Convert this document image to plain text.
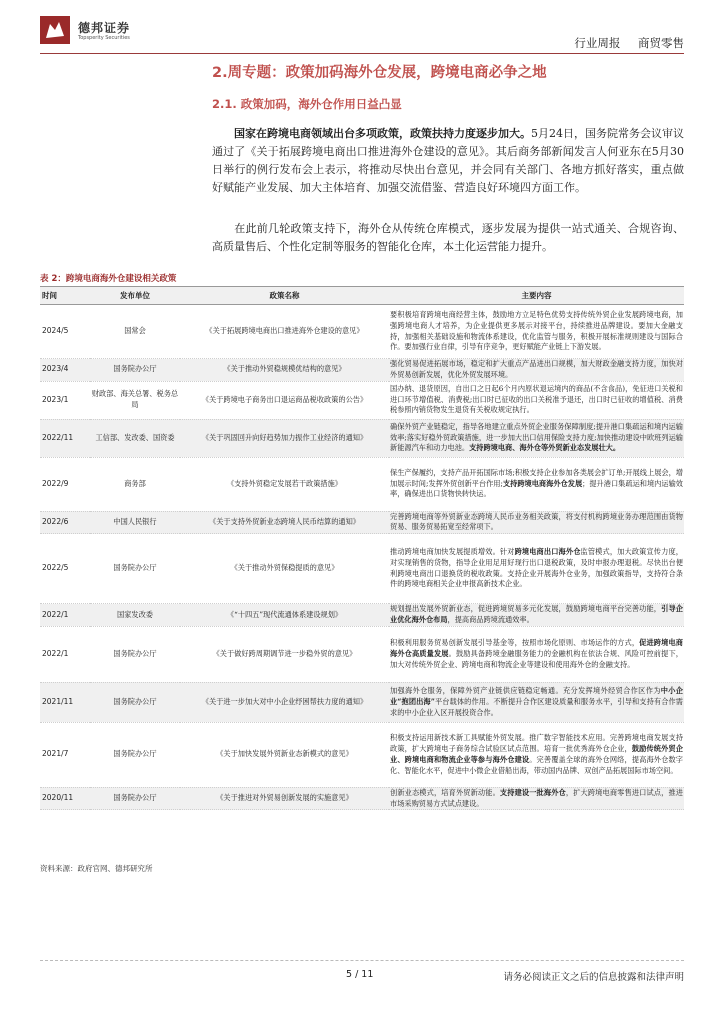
德邦证券
Topsperity Securities	行业周报 商贸零售
2.周专题：政策加码海外仓发展，跨境电商必争之地
2.1. 政策加码，海外仓作用日益凸显
  国家在跨境电商领域出台多项政策，政策扶持力度逐步加大。5月24日，国务院常务会议审议通过了《关于拓展跨境电商出口推进海外仓建设的意见》。其后商务部新闻发言人何亚东在5月30日举行的例行发布会上表示，将推动尽快出台意见，并会同有关部门、各地方抓好落实，重点做好赋能产业发展、加大主体培育、加强交流借鉴、营造良好环境四方面工作。
  在此前几轮政策支持下，海外仓从传统仓库模式，逐步发展为提供一站式通关、合规咨询、高质量售后、个性化定制等服务的智能化仓库，本土化运营能力提升。
表 2：跨境电商海外仓建设相关政策
时间	发布单位	政策名称	主要内容
2024/5	国常会	《关于拓展跨境电商出口推进海外仓建设的意见》	要积极培育跨境电商经营主体，鼓励地方立足特色优势支持传统外贸企业发展跨境电商，加强跨境电商人才培养，为企业提供更多展示对接平台，持续推进品牌建设。要加大金融支持，加强相关基础设施和物流体系建设，优化监管与服务，积极开展标准规则建设与国际合作。要加强行业自律，引导有序竞争，更好赋能产业链上下游发展。
2023/4	国务院办公厅	《关于推动外贸稳规模优结构的意见》	强化贸易促进拓展市场，稳定和扩大重点产品进出口规模，加大财政金融支持力度，加快对外贸易创新发展，优化外贸发展环境。
2023/1	财政部、海关总署、税务总局	《关于跨境电子商务出口退运商品税收政策的公告》	国办纳、退货原因，自出口之日起6个月内原状退运境内的商品(不含食品)，免征进口关税和进口环节增值税、消费税;出口时已征收的出口关税准予退还，出口时已征收的增值税、消费税参照内销货物发生退货有关税收规定执行。
2022/11	工信部、发改委、国资委	《关于巩固回升向好趋势加力振作工业经济的通知》	确保外贸产业链稳定，指导各地建立重点外贸企业服务保障制度;提升港口集疏运和境内运输效率;落实好稳外贸政策措施，进一步加大出口信用保险支持力度;加快推动建设中欧班列运输新能源汽车和动力电池。支持跨境电商、海外仓等外贸新业态发展壮大。
2022/9	商务部	《支持外贸稳定发展若干政策措施》	保生产保履约，支持产品开拓国际市场;积极支持企业参加各类展会扩订单;开展线上展会，增加展示时间;发挥外贸创新平台作用;支持跨境电商海外仓发展；提升港口集疏运和境内运输效率，确保进出口货物快转快运。
2022/6	中国人民银行	《关于支持外贸新业态跨境人民币结算的通知》	完善跨境电商等外贸新业态跨境人民币业务相关政策，将支付机构跨境业务办理范围由货物贸易、服务贸易拓宽至经常项下。
2022/5	国务院办公厅	《关于推动外贸保稳提质的意见》	推动跨境电商加快发展提质增效。针对跨境电商出口海外仓监管模式，加大政策宣传力度，对实现销售的货物，指导企业用足用好现行出口退税政策，及时申报办理退税。尽快出台便利跨境电商出口退换货的税收政策。支持企业开展海外仓业务，加强政策指导，支持符合条件的跨境电商相关企业申报高新技术企业。
2022/1	国家发改委	《“十四五”现代流通体系建设规划》	规划提出发展外贸新业态，促进跨境贸易多元化发展，鼓励跨境电商平台完善功能，引导企业优化海外仓布局，提高商品跨境流通效率。
2022/1	国务院办公厅	《关于做好跨周期调节进一步稳外贸的意见》	积极利用服务贸易创新发展引导基金等，按照市场化原则、市场运作的方式，促进跨境电商海外仓高质量发展。鼓励具备跨境金融服务能力的金融机构在依法合规、风险可控前提下，加大对传统外贸企业、跨境电商和物流企业等建设和使用海外仓的金融支持。
2021/11	国务院办公厅	《关于进一步加大对中小企业纾困帮扶力度的通知》	加强海外仓服务，保障外贸产业链供应链稳定畅通。充分发挥境外经贸合作区作为中小企业“抱团出海”平台载体的作用。不断提升合作区建设质量和服务水平，引导和支持有合作需求的中小企业入区开展投资合作。
2021/7	国务院办公厅	《关于加快发展外贸新业态新模式的意见》	积极支持运用新技术新工具赋能外贸发展。推广数字智能技术应用。完善跨境电商发展支持政策，扩大跨境电子商务综合试验区试点范围。培育一批优秀海外仓企业，鼓励传统外贸企业、跨境电商和物流企业等参与海外仓建设。完善覆盖全球的海外仓网络，提高海外仓数字化、智能化水平，促进中小微企业借船出海，带动国内品牌、双创产品拓展国际市场空间。
2020/11	国务院办公厅	《关于推进对外贸易创新发展的实施意见》	创新业态模式，培育外贸新动能。支持建设一批海外仓，扩大跨境电商零售进口试点，推进市场采购贸易方式试点建设。
资料来源：政府官网、德邦研究所
5 / 11	请务必阅读正文之后的信息披露和法律声明
